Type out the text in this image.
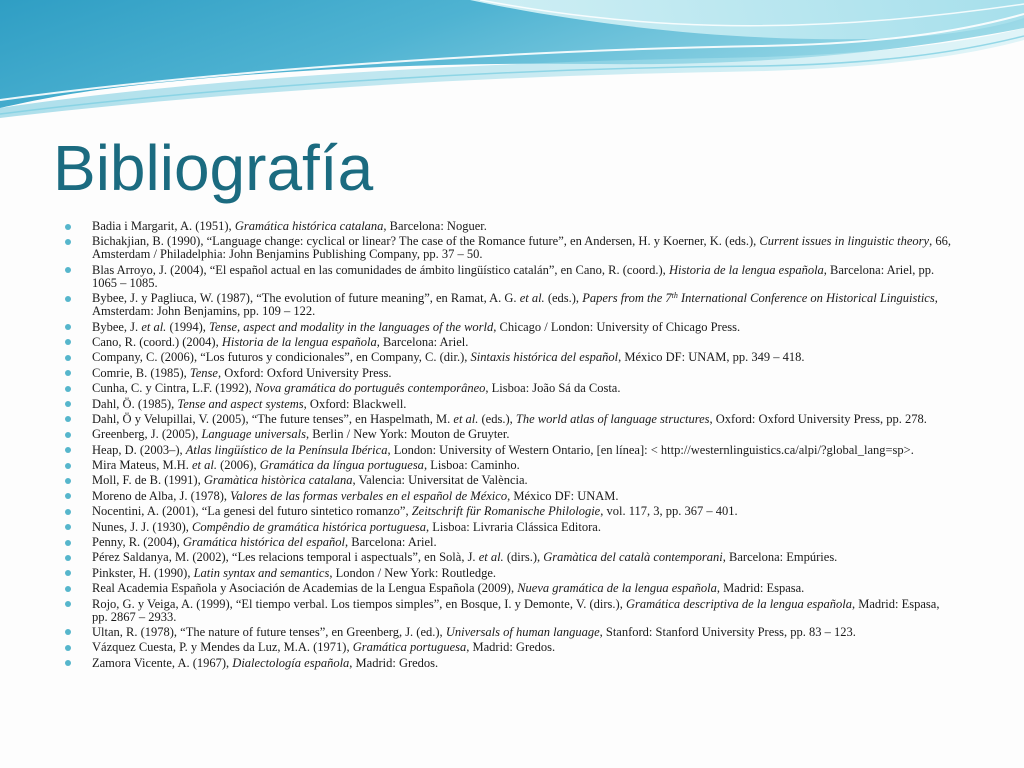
Bibliografía
Badia i Margarit, A. (1951), Gramática histórica catalana, Barcelona: Noguer.
Bichakjian, B. (1990), “Language change: cyclical or linear? The case of the Romance future”, en Andersen, H. y Koerner, K. (eds.), Current issues in linguistic theory, 66, Amsterdam / Philadelphia: John Benjamins Publishing Company, pp. 37 – 50.
Blas Arroyo, J. (2004), “El español actual en las comunidades de ámbito lingüístico catalán”, en Cano, R. (coord.), Historia de la lengua española, Barcelona: Ariel, pp. 1065 – 1085.
Bybee, J. y Pagliuca, W. (1987), “The evolution of future meaning”, en Ramat, A. G. et al. (eds.), Papers from the 7th International Conference on Historical Linguistics, Amsterdam: John Benjamins, pp. 109 – 122.
Bybee, J. et al. (1994), Tense, aspect and modality in the languages of the world, Chicago / London: University of Chicago Press.
Cano, R. (coord.) (2004), Historia de la lengua española, Barcelona: Ariel.
Company, C. (2006), “Los futuros y condicionales”, en Company, C. (dir.), Sintaxis histórica del español, México DF: UNAM, pp. 349 – 418.
Comrie, B. (1985), Tense, Oxford: Oxford University Press.
Cunha, C. y Cintra, L.F. (1992), Nova gramática do português contemporâneo, Lisboa: João Sá da Costa.
Dahl, Ö. (1985), Tense and aspect systems, Oxford: Blackwell.
Dahl, Ö y Velupillai, V. (2005), “The future tenses”, en Haspelmath, M. et al. (eds.), The world atlas of language structures, Oxford: Oxford University Press, pp. 278.
Greenberg, J. (2005), Language universals, Berlin / New York: Mouton de Gruyter.
Heap, D. (2003–), Atlas lingüístico de la Península Ibérica, London: University of Western Ontario, [en línea]: < http://westernlinguistics.ca/alpi/?global_lang=sp>.
Mira Mateus, M.H. et al. (2006), Gramática da língua portuguesa, Lisboa: Caminho.
Moll, F. de B. (1991), Gramàtica històrica catalana, Valencia: Universitat de València.
Moreno de Alba, J. (1978), Valores de las formas verbales en el español de México, México DF: UNAM.
Nocentini, A. (2001), “La genesi del futuro sintetico romanzo”, Zeitschrift für Romanische Philologie, vol. 117, 3, pp. 367 – 401.
Nunes, J. J. (1930), Compêndio de gramática histórica portuguesa, Lisboa: Livraria Clássica Editora.
Penny, R. (2004), Gramática histórica del español, Barcelona: Ariel.
Pérez Saldanya, M. (2002), “Les relacions temporal i aspectuals”, en Solà, J. et al. (dirs.), Gramàtica del català contemporani, Barcelona: Empúries.
Pinkster, H. (1990), Latin syntax and semantics, London / New York: Routledge.
Real Academia Española y Asociación de Academias de la Lengua Española (2009), Nueva gramática de la lengua española, Madrid: Espasa.
Rojo, G. y Veiga, A. (1999), “El tiempo verbal. Los tiempos simples”, en Bosque, I. y Demonte, V. (dirs.), Gramática descriptiva de la lengua española, Madrid: Espasa, pp. 2867 – 2933.
Ultan, R. (1978), “The nature of future tenses”, en Greenberg, J. (ed.), Universals of human language, Stanford: Stanford University Press, pp. 83 – 123.
Vázquez Cuesta, P. y Mendes da Luz, M.A. (1971), Gramática portuguesa, Madrid: Gredos.
Zamora Vicente, A. (1967), Dialectología española, Madrid: Gredos.
